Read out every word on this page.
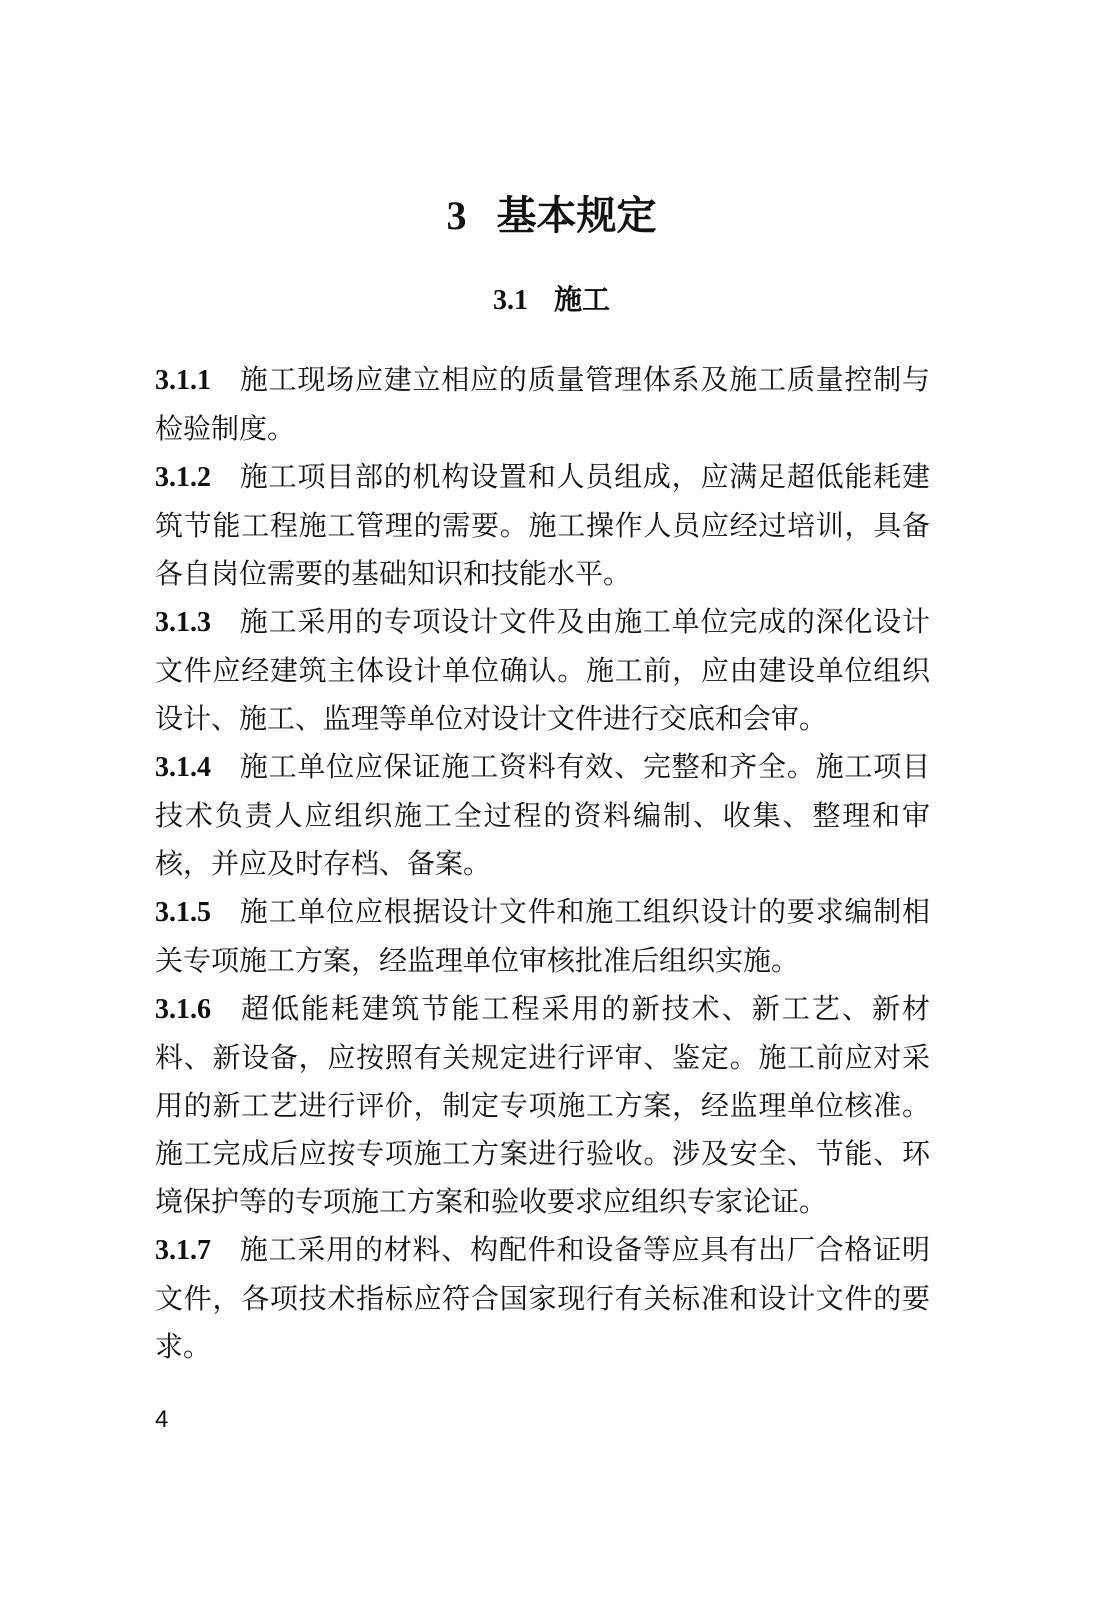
3 基本规定
3.1 施工

3.1.1 施工现场应建立相应的质量管理体系及施工质量控制与检验制度。

3.1.2 施工项目部的机构设置和人员组成，应满足超低能耗建筑节能工程施工管理的需要。施工操作人员应经过培训，具备各自岗位需要的基础知识和技能水平。

3.1.3 施工采用的专项设计文件及由施工单位完成的深化设计文件应经建筑主体设计单位确认。施工前，应由建设单位组织设计、施工、监理等单位对设计文件进行交底和会审。

3.1.4 施工单位应保证施工资料有效、完整和齐全。施工项目技术负责人应组织施工全过程的资料编制、收集、整理和审核，并应及时存档、备案。

3.1.5 施工单位应根据设计文件和施工组织设计的要求编制相关专项施工方案，经监理单位审核批准后组织实施。

3.1.6 超低能耗建筑节能工程采用的新技术、新工艺、新材料、新设备，应按照有关规定进行评审、鉴定。施工前应对采用的新工艺进行评价，制定专项施工方案，经监理单位核准。施工完成后应按专项施工方案进行验收。涉及安全、节能、环境保护等的专项施工方案和验收要求应组织专家论证。

3.1.7 施工采用的材料、构配件和设备等应具有出厂合格证明文件，各项技术指标应符合国家现行有关标准和设计文件的要求。

4
